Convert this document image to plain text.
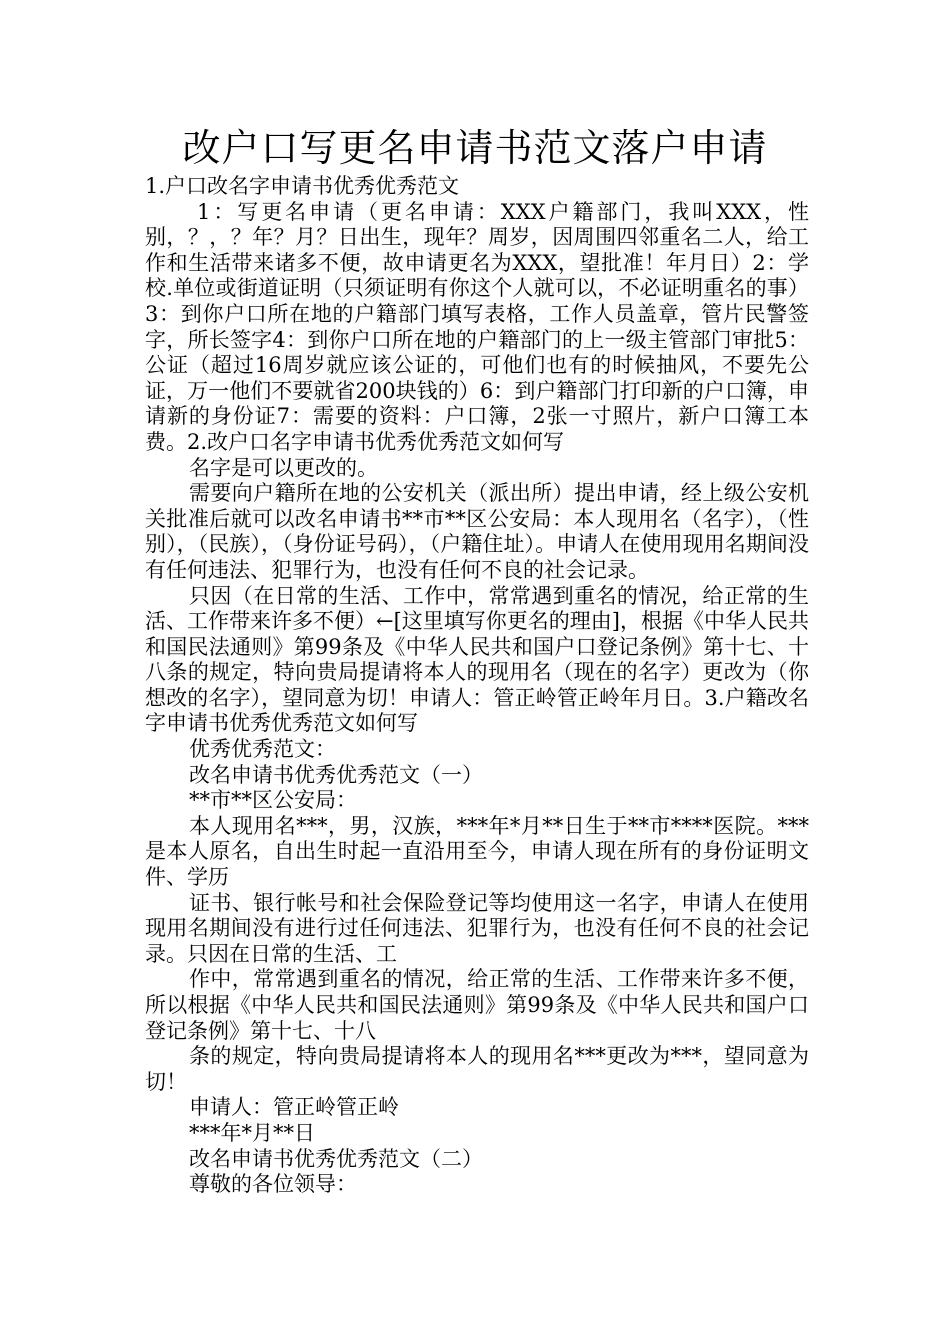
改户口写更名申请书范文落户申请

1.户口改名字申请书优秀优秀范文

1：写更名申请（更名申请：XXX户籍部门，我叫XXX，性别，？，？年？月？日出生，现年？周岁，因周围四邻重名二人，给工作和生活带来诸多不便，故申请更名为XXX，望批准！年月日）2：学校.单位或街道证明（只须证明有你这个人就可以，不必证明重名的事）3：到你户口所在地的户籍部门填写表格，工作人员盖章，管片民警签字，所长签字4：到你户口所在地的户籍部门的上一级主管部门审批5：公证（超过16周岁就应该公证的，可他们也有的时候抽风，不要先公证，万一他们不要就省200块钱的）6：到户籍部门打印新的户口簿，申请新的身份证7：需要的资料：户口簿，2张一寸照片，新户口簿工本费。2.改户口名字申请书优秀优秀范文如何写

名字是可以更改的。

需要向户籍所在地的公安机关（派出所）提出申请，经上级公安机关批准后就可以改名申请书**市**区公安局：本人现用名（名字），（性别），（民族），（身份证号码），（户籍住址）。申请人在使用现用名期间没有任何违法、犯罪行为，也没有任何不良的社会记录。

只因（在日常的生活、工作中，常常遇到重名的情况，给正常的生活、工作带来许多不便）←[这里填写你更名的理由]，根据《中华人民共和国民法通则》第99条及《中华人民共和国户口登记条例》第十七、十八条的规定，特向贵局提请将本人的现用名（现在的名字）更改为（你想改的名字），望同意为切！申请人：管正岭管正岭年月日。3.户籍改名字申请书优秀优秀范文如何写

优秀优秀范文：

改名申请书优秀优秀范文（一）

**市**区公安局：

本人现用名***，男，汉族，***年*月**日生于**市****医院。***是本人原名，自出生时起一直沿用至今，申请人现在所有的身份证明文件、学历

证书、银行帐号和社会保险登记等均使用这一名字，申请人在使用现用名期间没有进行过任何违法、犯罪行为，也没有任何不良的社会记录。只因在日常的生活、工

作中，常常遇到重名的情况，给正常的生活、工作带来许多不便，所以根据《中华人民共和国民法通则》第99条及《中华人民共和国户口登记条例》第十七、十八

条的规定，特向贵局提请将本人的现用名***更改为***，望同意为切！

申请人：管正岭管正岭

***年*月**日

改名申请书优秀优秀范文（二）

尊敬的各位领导：
